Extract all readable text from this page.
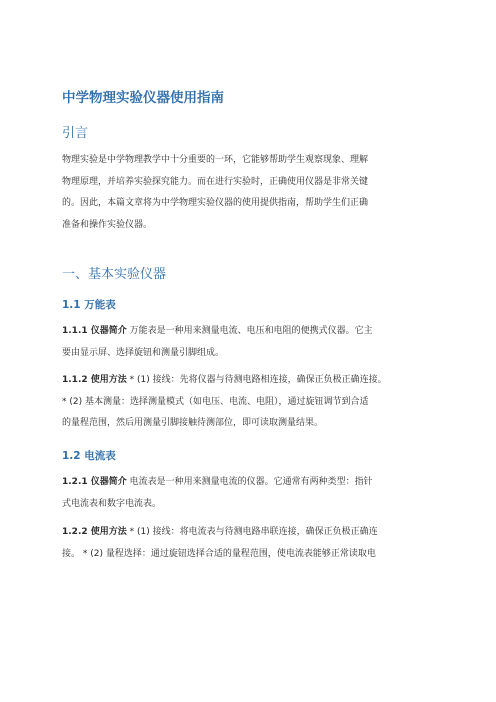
中学物理实验仪器使用指南
引言
物理实验是中学物理教学中十分重要的一环，它能够帮助学生观察现象、理解
物理原理，并培养实验探究能力。而在进行实验时，正确使用仪器是非常关键
的。因此，本篇文章将为中学物理实验仪器的使用提供指南，帮助学生们正确
准备和操作实验仪器。
一、基本实验仪器
1.1 万能表
1.1.1 仪器简介 万能表是一种用来测量电流、电压和电阻的便携式仪器。它主
要由显示屏、选择旋钮和测量引脚组成。
1.1.2 使用方法 * (1) 接线：先将仪器与待测电路相连接，确保正负极正确连接。
* (2) 基本测量：选择测量模式（如电压、电流、电阻），通过旋钮调节到合适
的量程范围，然后用测量引脚接触待测部位，即可读取测量结果。
1.2 电流表
1.2.1 仪器简介 电流表是一种用来测量电流的仪器。它通常有两种类型：指针
式电流表和数字电流表。
1.2.2 使用方法 * (1) 接线：将电流表与待测电路串联连接，确保正负极正确连
接。 * (2) 量程选择：通过旋钮选择合适的量程范围，使电流表能够正常读取电
